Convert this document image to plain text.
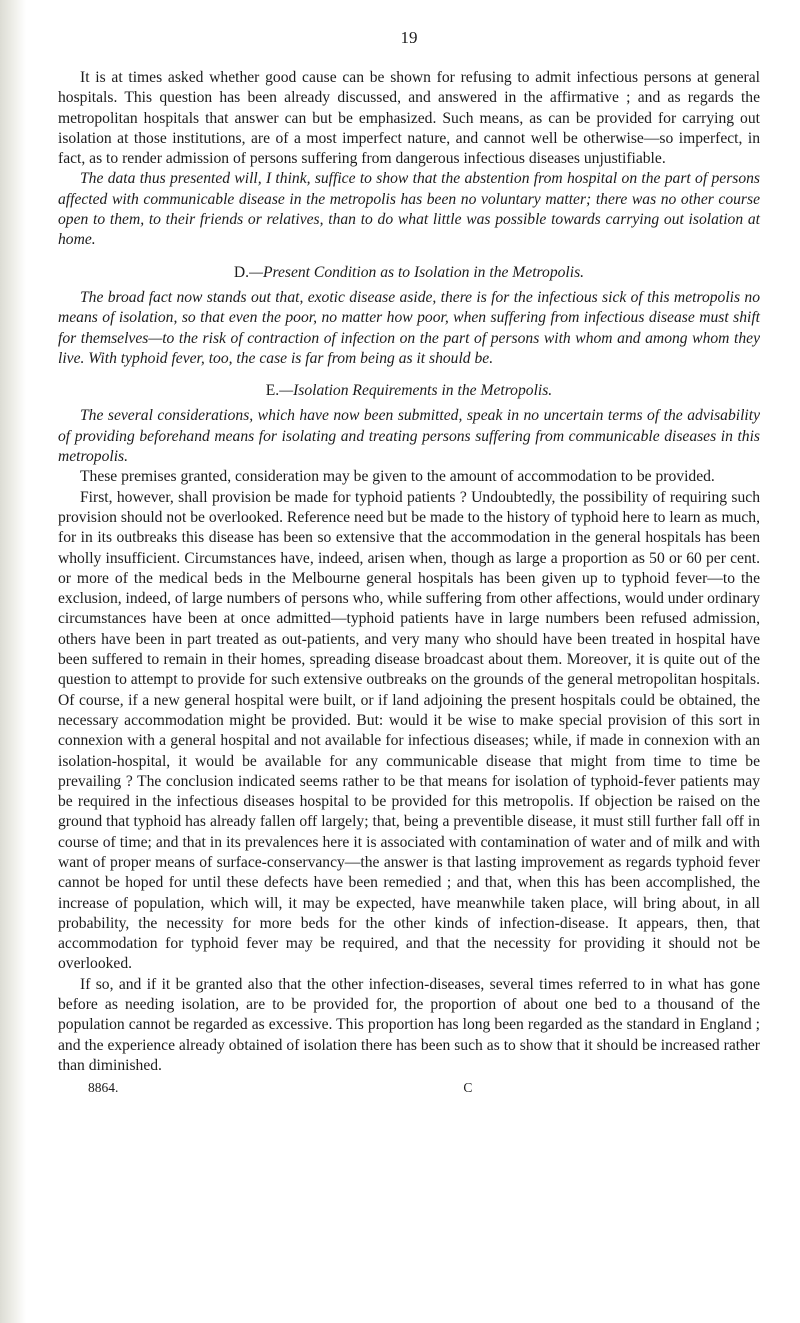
19

It is at times asked whether good cause can be shown for refusing to admit infectious persons at general hospitals. This question has been already discussed, and answered in the affirmative ; and as regards the metropolitan hospitals that answer can but be emphasized. Such means, as can be provided for carrying out isolation at those institutions, are of a most imperfect nature, and cannot well be otherwise—so imperfect, in fact, as to render admission of persons suffering from dangerous infectious diseases unjustifiable.

The data thus presented will, I think, suffice to show that the abstention from hospital on the part of persons affected with communicable disease in the metropolis has been no voluntary matter; there was no other course open to them, to their friends or relatives, than to do what little was possible towards carrying out isolation at home.

D.—Present Condition as to Isolation in the Metropolis.

The broad fact now stands out that, exotic disease aside, there is for the infectious sick of this metropolis no means of isolation, so that even the poor, no matter how poor, when suffering from infectious disease must shift for themselves—to the risk of contraction of infection on the part of persons with whom and among whom they live. With typhoid fever, too, the case is far from being as it should be.

E.—Isolation Requirements in the Metropolis.

The several considerations, which have now been submitted, speak in no uncertain terms of the advisability of providing beforehand means for isolating and treating persons suffering from communicable diseases in this metropolis.

These premises granted, consideration may be given to the amount of accommodation to be provided.

First, however, shall provision be made for typhoid patients ? Undoubtedly, the possibility of requiring such provision should not be overlooked. Reference need but be made to the history of typhoid here to learn as much, for in its outbreaks this disease has been so extensive that the accommodation in the general hospitals has been wholly insufficient. Circumstances have, indeed, arisen when, though as large a proportion as 50 or 60 per cent. or more of the medical beds in the Melbourne general hospitals has been given up to typhoid fever—to the exclusion, indeed, of large numbers of persons who, while suffering from other affections, would under ordinary circumstances have been at once admitted—typhoid patients have in large numbers been refused admission, others have been in part treated as out-patients, and very many who should have been treated in hospital have been suffered to remain in their homes, spreading disease broadcast about them. Moreover, it is quite out of the question to attempt to provide for such extensive outbreaks on the grounds of the general metropolitan hospitals. Of course, if a new general hospital were built, or if land adjoining the present hospitals could be obtained, the necessary accommodation might be provided. But: would it be wise to make special provision of this sort in connexion with a general hospital and not available for infectious diseases; while, if made in connexion with an isolation-hospital, it would be available for any communicable disease that might from time to time be prevailing ? The conclusion indicated seems rather to be that means for isolation of typhoid-fever patients may be required in the infectious diseases hospital to be provided for this metropolis. If objection be raised on the ground that typhoid has already fallen off largely; that, being a preventible disease, it must still further fall off in course of time; and that in its prevalences here it is associated with contamination of water and of milk and with want of proper means of surface-conservancy—the answer is that lasting improvement as regards typhoid fever cannot be hoped for until these defects have been remedied ; and that, when this has been accomplished, the increase of population, which will, it may be expected, have meanwhile taken place, will bring about, in all probability, the necessity for more beds for the other kinds of infection-disease. It appears, then, that accommodation for typhoid fever may be required, and that the necessity for providing it should not be overlooked.

If so, and if it be granted also that the other infection-diseases, several times referred to in what has gone before as needing isolation, are to be provided for, the proportion of about one bed to a thousand of the population cannot be regarded as excessive. This proportion has long been regarded as the standard in England ; and the experience already obtained of isolation there has been such as to show that it should be increased rather than diminished.

8864.	C
